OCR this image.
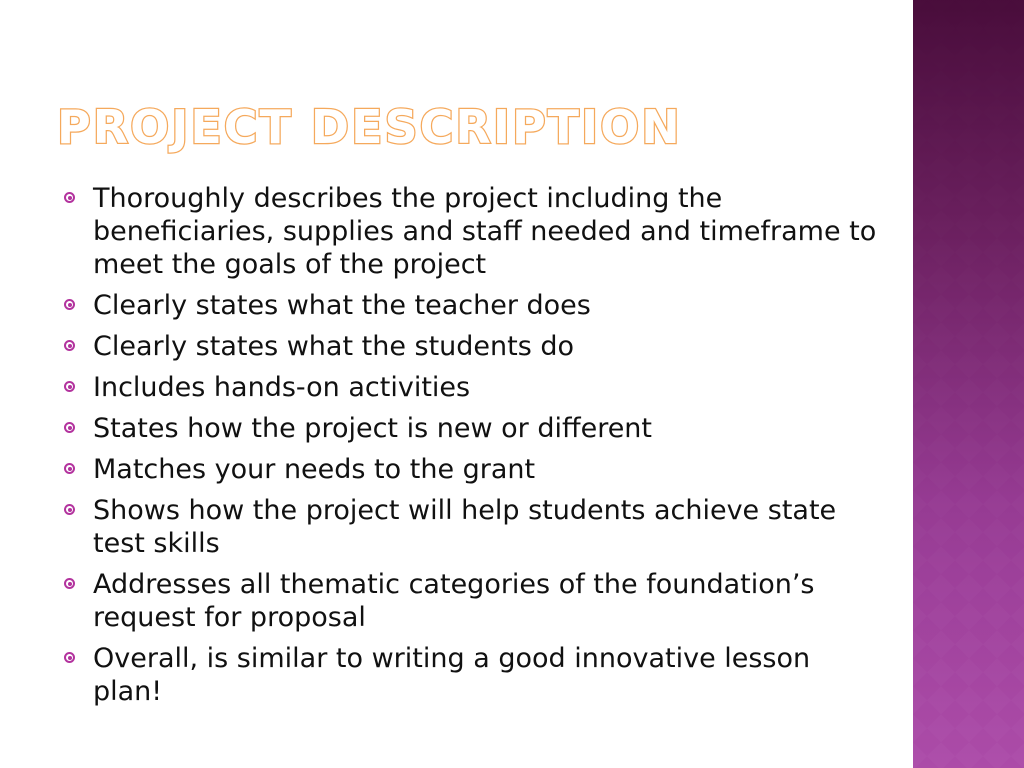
PROJECT DESCRIPTION
Thoroughly describes the project including the beneficiaries, supplies and staff needed and timeframe to meet the goals of the project
Clearly states what the teacher does
Clearly states what the students do
Includes hands-on activities
States how the project is new or different
Matches your needs to the grant
Shows how the project will help students achieve state test skills
Addresses all thematic categories of the foundation’s request for proposal
Overall, is similar to writing a good innovative lesson plan!
